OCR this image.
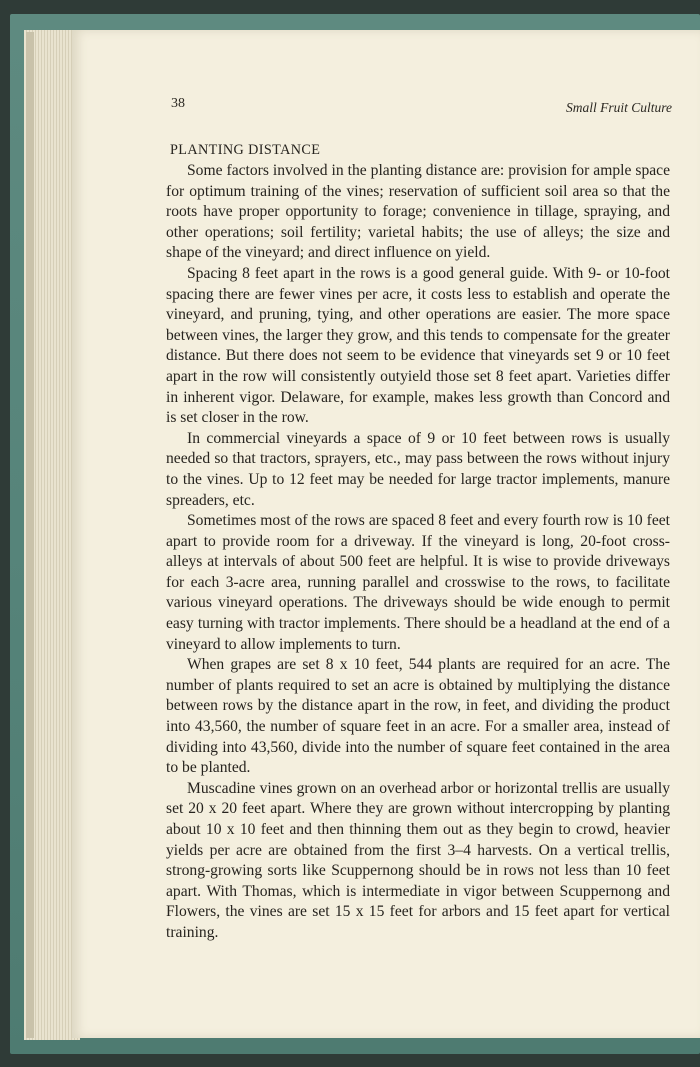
38	Small Fruit Culture
PLANTING DISTANCE

Some factors involved in the planting distance are: provision for ample space for optimum training of the vines; reservation of sufficient soil area so that the roots have proper opportunity to forage; convenience in tillage, spraying, and other operations; soil fertility; varietal habits; the use of alleys; the size and shape of the vineyard; and direct influence on yield.

Spacing 8 feet apart in the rows is a good general guide. With 9- or 10-foot spacing there are fewer vines per acre, it costs less to establish and operate the vineyard, and pruning, tying, and other operations are easier. The more space between vines, the larger they grow, and this tends to compensate for the greater distance. But there does not seem to be evidence that vineyards set 9 or 10 feet apart in the row will consistently outyield those set 8 feet apart. Varieties differ in inherent vigor. Delaware, for example, makes less growth than Concord and is set closer in the row.

In commercial vineyards a space of 9 or 10 feet between rows is usually needed so that tractors, sprayers, etc., may pass between the rows without injury to the vines. Up to 12 feet may be needed for large tractor implements, manure spreaders, etc.

Sometimes most of the rows are spaced 8 feet and every fourth row is 10 feet apart to provide room for a driveway. If the vineyard is long, 20-foot cross-alleys at intervals of about 500 feet are helpful. It is wise to provide driveways for each 3-acre area, running parallel and crosswise to the rows, to facilitate various vineyard operations. The driveways should be wide enough to permit easy turning with tractor implements. There should be a headland at the end of a vineyard to allow implements to turn.

When grapes are set 8 x 10 feet, 544 plants are required for an acre. The number of plants required to set an acre is obtained by multiplying the distance between rows by the distance apart in the row, in feet, and dividing the product into 43,560, the number of square feet in an acre. For a smaller area, instead of dividing into 43,560, divide into the number of square feet contained in the area to be planted.

Muscadine vines grown on an overhead arbor or horizontal trellis are usually set 20 x 20 feet apart. Where they are grown without intercropping by planting about 10 x 10 feet and then thinning them out as they begin to crowd, heavier yields per acre are obtained from the first 3–4 harvests. On a vertical trellis, strong-growing sorts like Scuppernong should be in rows not less than 10 feet apart. With Thomas, which is intermediate in vigor between Scuppernong and Flowers, the vines are set 15 x 15 feet for arbors and 15 feet apart for vertical training.
